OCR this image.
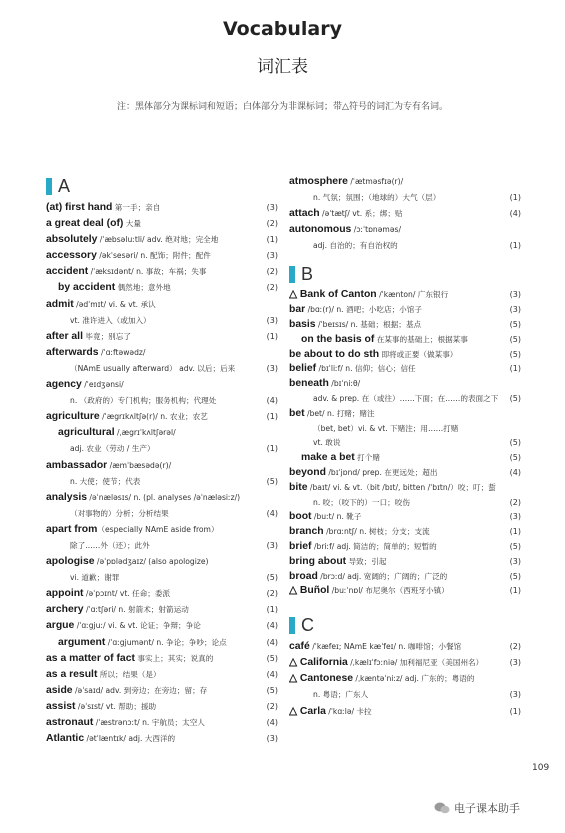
Vocabulary
词汇表
注：黑体部分为课标词和短语；白体部分为非课标词；带△符号的词汇为专有名词。
A
(at) first hand 第一手；亲自	(3)
a great deal (of) 大量	(2)
absolutely /ˈæbsəluːtli/ adv. 绝对地；完全地	(1)
accessory /əkˈsesəri/ n. 配饰；附件；配件	(3)
accident /ˈæksɪdənt/ n. 事故；车祸；失事	(2)
by accident 偶然地；意外地	(2)
admit /ədˈmɪt/ vi. & vt. 承认
vt. 准许进入（或加入）	(3)
after all 毕竟；别忘了	(1)
afterwards /ˈɑːftəwədz/
（NAmE usually afterward） adv. 以后；后来	(3)
agency /ˈeɪdʒənsi/
n. （政府的）专门机构；服务机构；代理处	(4)
agriculture /ˈægrɪkʌltʃə(r)/ n. 农业；农艺	(1)
agricultural /ˌægrɪˈkʌltʃərəl/
adj. 农业（劳动 / 生产）	(1)
ambassador /æmˈbæsədə(r)/
n. 大使；使节；代表	(5)
analysis /əˈnæləsɪs/ n. (pl. analyses /əˈnæləsiːz/)
（对事物的）分析；分析结果	(4)
apart from（especially NAmE aside from）
除了……外（还）；此外	(3)
apologise /əˈpɒlədʒaɪz/ (also apologize)
vi. 道歉；谢罪	(5)
appoint /əˈpɔɪnt/ vt. 任命；委派	(2)
archery /ˈɑːtʃəri/ n. 射箭术；射箭运动	(1)
argue /ˈɑːgjuː/ vi. & vt. 论证；争辩；争论	(4)
argument /ˈɑːgjumənt/ n. 争论；争吵；论点	(4)
as a matter of fact 事实上；其实；说真的	(5)
as a result 所以；结果（是）	(4)
aside /əˈsaɪd/ adv. 到旁边；在旁边；留；存	(5)
assist /əˈsɪst/ vt. 帮助；援助	(2)
astronaut /ˈæstrənɔːt/ n. 宇航员；太空人	(4)
Atlantic /ətˈlæntɪk/ adj. 大西洋的	(3)
atmosphere /ˈætməsfɪə(r)/
n. 气氛；氛围；（地球的）大气（层）	(1)
attach /əˈtætʃ/ vt. 系；绑；贴	(4)
autonomous /ɔːˈtɒnəməs/
adj. 自治的；有自治权的	(1)
B
△ Bank of Canton /ˈkænton/ 广东银行	(3)
bar /bɑː(r)/ n. 酒吧；小吃店；小馆子	(3)
basis /ˈbeɪsɪs/ n. 基础；根据；基点	(5)
on the basis of 在某事的基础上；根据某事	(5)
be about to do sth 即将或正要（做某事）	(5)
belief /bɪˈliːf/ n. 信仰；信心；信任	(1)
beneath /bɪˈniːθ/
adv. & prep. 在（或往）……下面；在……的表面之下 (5)
bet /bet/ n. 打赌；赌注
（bet, bet）vi. & vt. 下赌注；用……打赌
vt. 敢说	(5)
make a bet 打个赌	(5)
beyond /bɪˈjɒnd/ prep. 在更远处；超出	(4)
bite /baɪt/ vi. & vt.（bit /bɪt/, bitten /ˈbɪtn/）咬；叮；蜇
n. 咬；（咬下的）一口；咬伤	(2)
boot /buːt/ n. 靴子	(3)
branch /brɑːntʃ/ n. 树枝；分支；支流	(1)
brief /briːf/ adj. 简洁的；简单的；短暂的	(5)
bring about 导致；引起	(3)
broad /brɔːd/ adj. 宽阔的；广阔的；广泛的	(5)
△ Buñol /buːˈnɒl/ 布尼奥尔（西班牙小镇）	(1)
C
café /ˈkæfeɪ; NAmE kæˈfeɪ/ n. 咖啡馆；小餐馆	(2)
△ California /ˌkælɪˈfɔːniə/ 加利福尼亚（美国州名）	(3)
△ Cantonese /ˌkæntəˈniːz/ adj. 广东的；粤语的
n. 粤语；广东人	(3)
△ Carla /ˈkɑːlə/ 卡拉	(1)
109
电子课本助手
